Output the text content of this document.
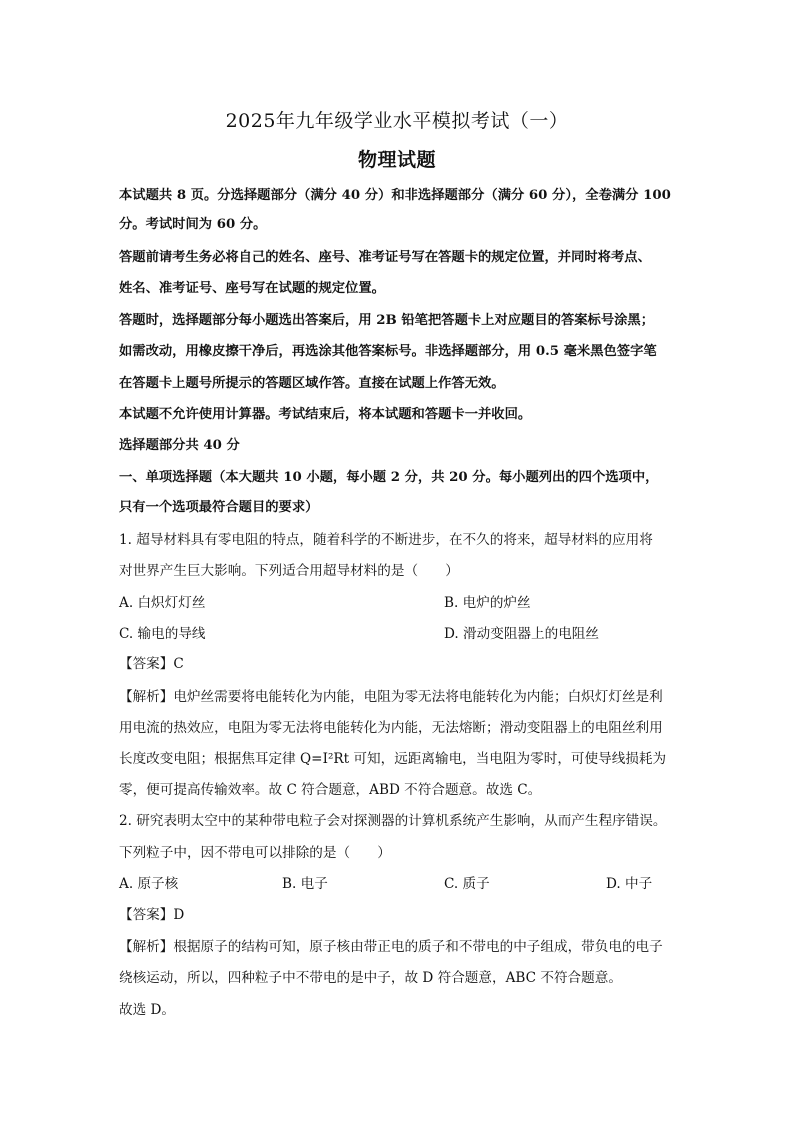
2025年九年级学业水平模拟考试（一）
物理试题
本试题共 8 页。分选择题部分（满分 40 分）和非选择题部分（满分 60 分），全卷满分 100
分。考试时间为 60 分。
答题前请考生务必将自己的姓名、座号、准考证号写在答题卡的规定位置，并同时将考点、
姓名、准考证号、座号写在试题的规定位置。
答题时，选择题部分每小题选出答案后，用 2B 铅笔把答题卡上对应题目的答案标号涂黑；
如需改动，用橡皮擦干净后，再选涂其他答案标号。非选择题部分，用 0.5 毫米黑色签字笔
在答题卡上题号所提示的答题区域作答。直接在试题上作答无效。
本试题不允许使用计算器。考试结束后，将本试题和答题卡一并收回。
选择题部分共 40 分
一、单项选择题（本大题共 10 小题，每小题 2 分，共 20 分。每小题列出的四个选项中，
只有一个选项最符合题目的要求）
1. 超导材料具有零电阻的特点，随着科学的不断进步，在不久的将来，超导材料的应用将
对世界产生巨大影响。下列适合用超导材料的是（　　）
A. 白炽灯灯丝	B. 电炉的炉丝
C. 输电的导线	D. 滑动变阻器上的电阻丝
【答案】C
【解析】电炉丝需要将电能转化为内能，电阻为零无法将电能转化为内能；白炽灯灯丝是利
用电流的热效应，电阻为零无法将电能转化为内能，无法熔断；滑动变阻器上的电阻丝利用
长度改变电阻；根据焦耳定律 Q=I²Rt 可知，远距离输电，当电阻为零时，可使导线损耗为
零，便可提高传输效率。故 C 符合题意，ABD 不符合题意。故选 C。
2. 研究表明太空中的某种带电粒子会对探测器的计算机系统产生影响，从而产生程序错误。
下列粒子中，因不带电可以排除的是（　　）
A. 原子核	B. 电子	C. 质子	D. 中子
【答案】D
【解析】根据原子的结构可知，原子核由带正电的质子和不带电的中子组成，带负电的电子
绕核运动，所以，四种粒子中不带电的是中子，故 D 符合题意，ABC 不符合题意。
故选 D。
